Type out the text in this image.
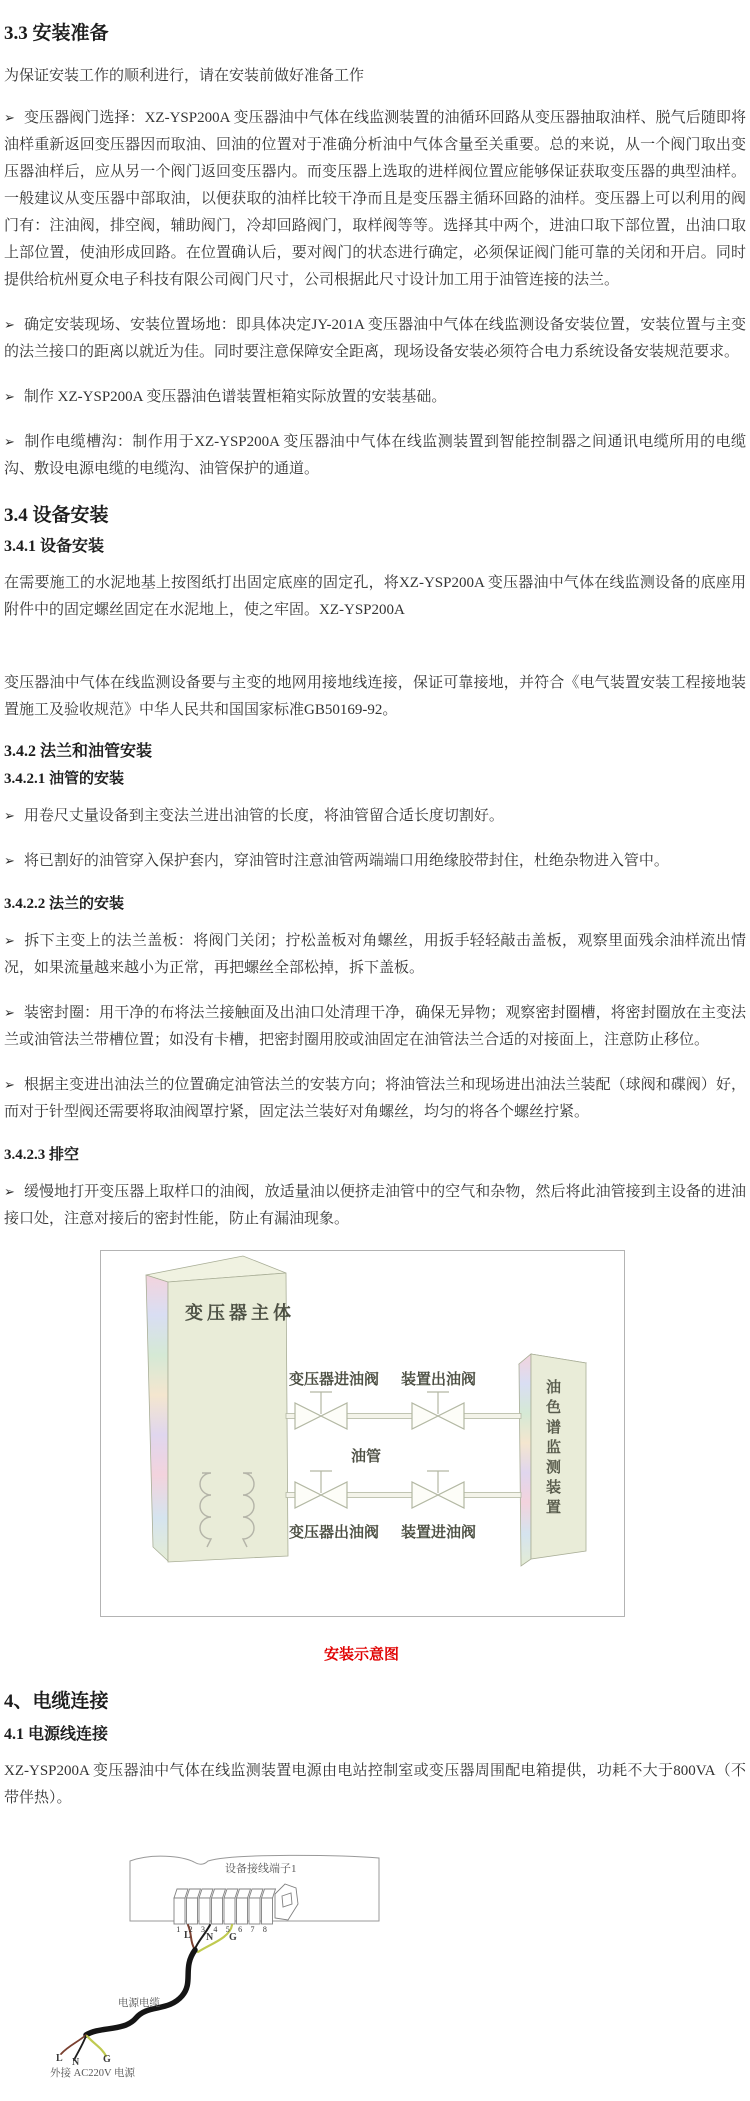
3.3 安装准备

为保证安装工作的顺利进行，请在安装前做好准备工作

➢ 变压器阀门选择：XZ-YSP200A 变压器油中气体在线监测装置的油循环回路从变压器抽取油样、脱气后随即将油样重新返回变压器因而取油、回油的位置对于准确分析油中气体含量至关重要。总的来说，从一个阀门取出变压器油样后，应从另一个阀门返回变压器内。而变压器上选取的进样阀位置应能够保证获取变压器的典型油样。一般建议从变压器中部取油，以便获取的油样比较干净而且是变压器主循环回路的油样。变压器上可以利用的阀门有：注油阀，排空阀，辅助阀门，冷却回路阀门，取样阀等等。选择其中两个，进油口取下部位置，出油口取上部位置，使油形成回路。在位置确认后，要对阀门的状态进行确定，必须保证阀门能可靠的关闭和开启。同时提供给杭州夏众电子科技有限公司阀门尺寸，公司根据此尺寸设计加工用于油管连接的法兰。

➢ 确定安装现场、安装位置场地：即具体决定JY-201A 变压器油中气体在线监测设备安装位置，安装位置与主变的法兰接口的距离以就近为佳。同时要注意保障安全距离，现场设备安装必须符合电力系统设备安装规范要求。

➢ 制作 XZ-YSP200A 变压器油色谱装置柜箱实际放置的安装基础。

➢ 制作电缆槽沟：制作用于XZ-YSP200A 变压器油中气体在线监测装置到智能控制器之间通讯电缆所用的电缆沟、敷设电源电缆的电缆沟、油管保护的通道。

3.4 设备安装
3.4.1 设备安装

在需要施工的水泥地基上按图纸打出固定底座的固定孔，将XZ-YSP200A 变压器油中气体在线监测设备的底座用附件中的固定螺丝固定在水泥地上，使之牢固。XZ-YSP200A

变压器油中气体在线监测设备要与主变的地网用接地线连接，保证可靠接地，并符合《电气装置安装工程接地装置施工及验收规范》中华人民共和国国家标准GB50169-92。

3.4.2 法兰和油管安装
3.4.2.1 油管的安装

➢ 用卷尺丈量设备到主变法兰进出油管的长度，将油管留合适长度切割好。

➢ 将已割好的油管穿入保护套内，穿油管时注意油管两端端口用绝缘胶带封住，杜绝杂物进入管中。

3.4.2.2 法兰的安装

➢ 拆下主变上的法兰盖板：将阀门关闭；拧松盖板对角螺丝，用扳手轻轻敲击盖板，观察里面残余油样流出情况，如果流量越来越小为正常，再把螺丝全部松掉，拆下盖板。

➢ 装密封圈：用干净的布将法兰接触面及出油口处清理干净，确保无异物；观察密封圈槽，将密封圈放在主变法兰或油管法兰带槽位置；如没有卡槽，把密封圈用胶或油固定在油管法兰合适的对接面上，注意防止移位。

➢ 根据主变进出油法兰的位置确定油管法兰的安装方向；将油管法兰和现场进出油法兰装配（球阀和碟阀）好，而对于针型阀还需要将取油阀罩拧紧，固定法兰装好对角螺丝，均匀的将各个螺丝拧紧。

3.4.2.3 排空

➢ 缓慢地打开变压器上取样口的油阀，放适量油以便挤走油管中的空气和杂物，然后将此油管接到主设备的进油接口处，注意对接后的密封性能，防止有漏油现象。

变压器主体
变压器进油阀 装置出油阀
油管
变压器出油阀 装置进油阀
油色谱监测装置
安装示意图
4、电缆连接
4.1 电源线连接

XZ-YSP200A 变压器油中气体在线监测装置电源由电站控制室或变压器周围配电箱提供，功耗不大于800VA（不带伴热）。

设备接线端子1
1	2	3	4	5	6	7	8
L N G
电源电缆
L N G
外接 AC220V 电源
